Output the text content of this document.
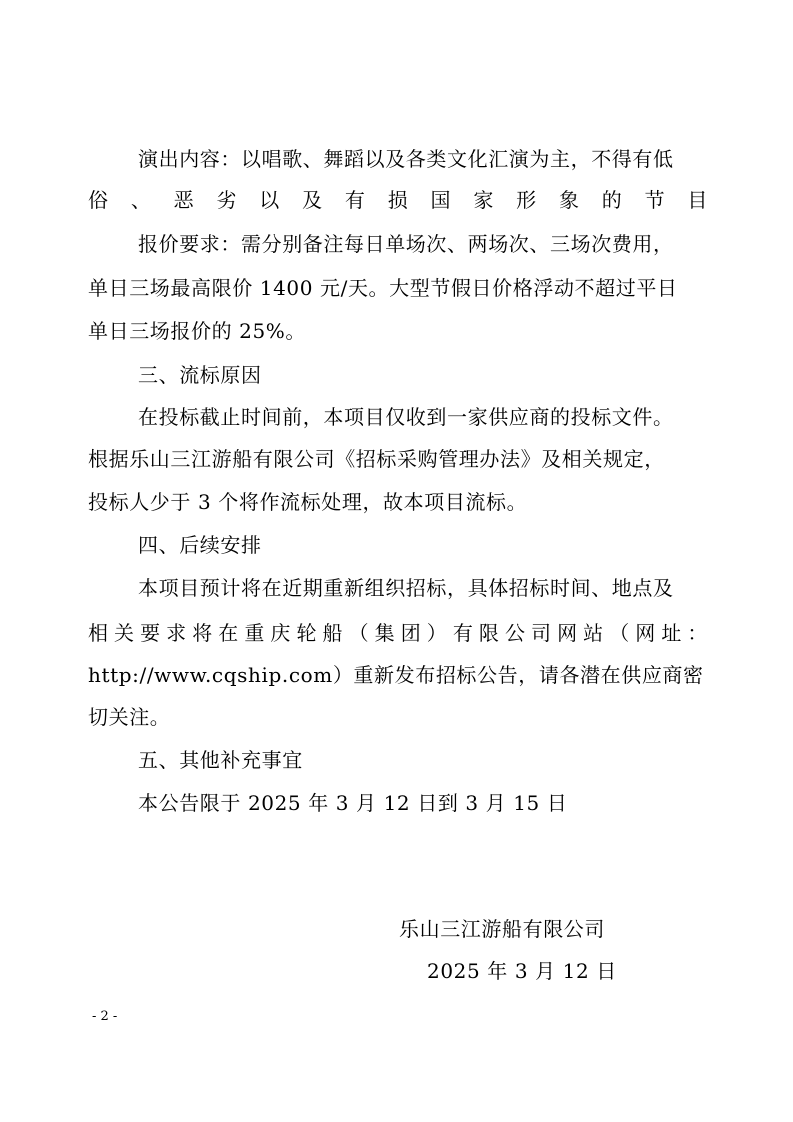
演出内容：以唱歌、舞蹈以及各类文化汇演为主，不得有低
俗、恶劣以及有损国家形象的节目
报价要求：需分别备注每日单场次、两场次、三场次费用，
单日三场最高限价 1400 元/天。大型节假日价格浮动不超过平日
单日三场报价的 25%。
三、流标原因
在投标截止时间前，本项目仅收到一家供应商的投标文件。
根据乐山三江游船有限公司《招标采购管理办法》及相关规定，
投标人少于 3 个将作流标处理，故本项目流标。
四、后续安排
本项目预计将在近期重新组织招标，具体招标时间、地点及
相关要求将在重庆轮船（集团）有限公司网站（网址：
http://www.cqship.com）重新发布招标公告，请各潜在供应商密
切关注。
五、其他补充事宜
本公告限于 2025 年 3 月 12 日到 3 月 15 日
乐山三江游船有限公司
2025 年 3 月 12 日
- 2 -
